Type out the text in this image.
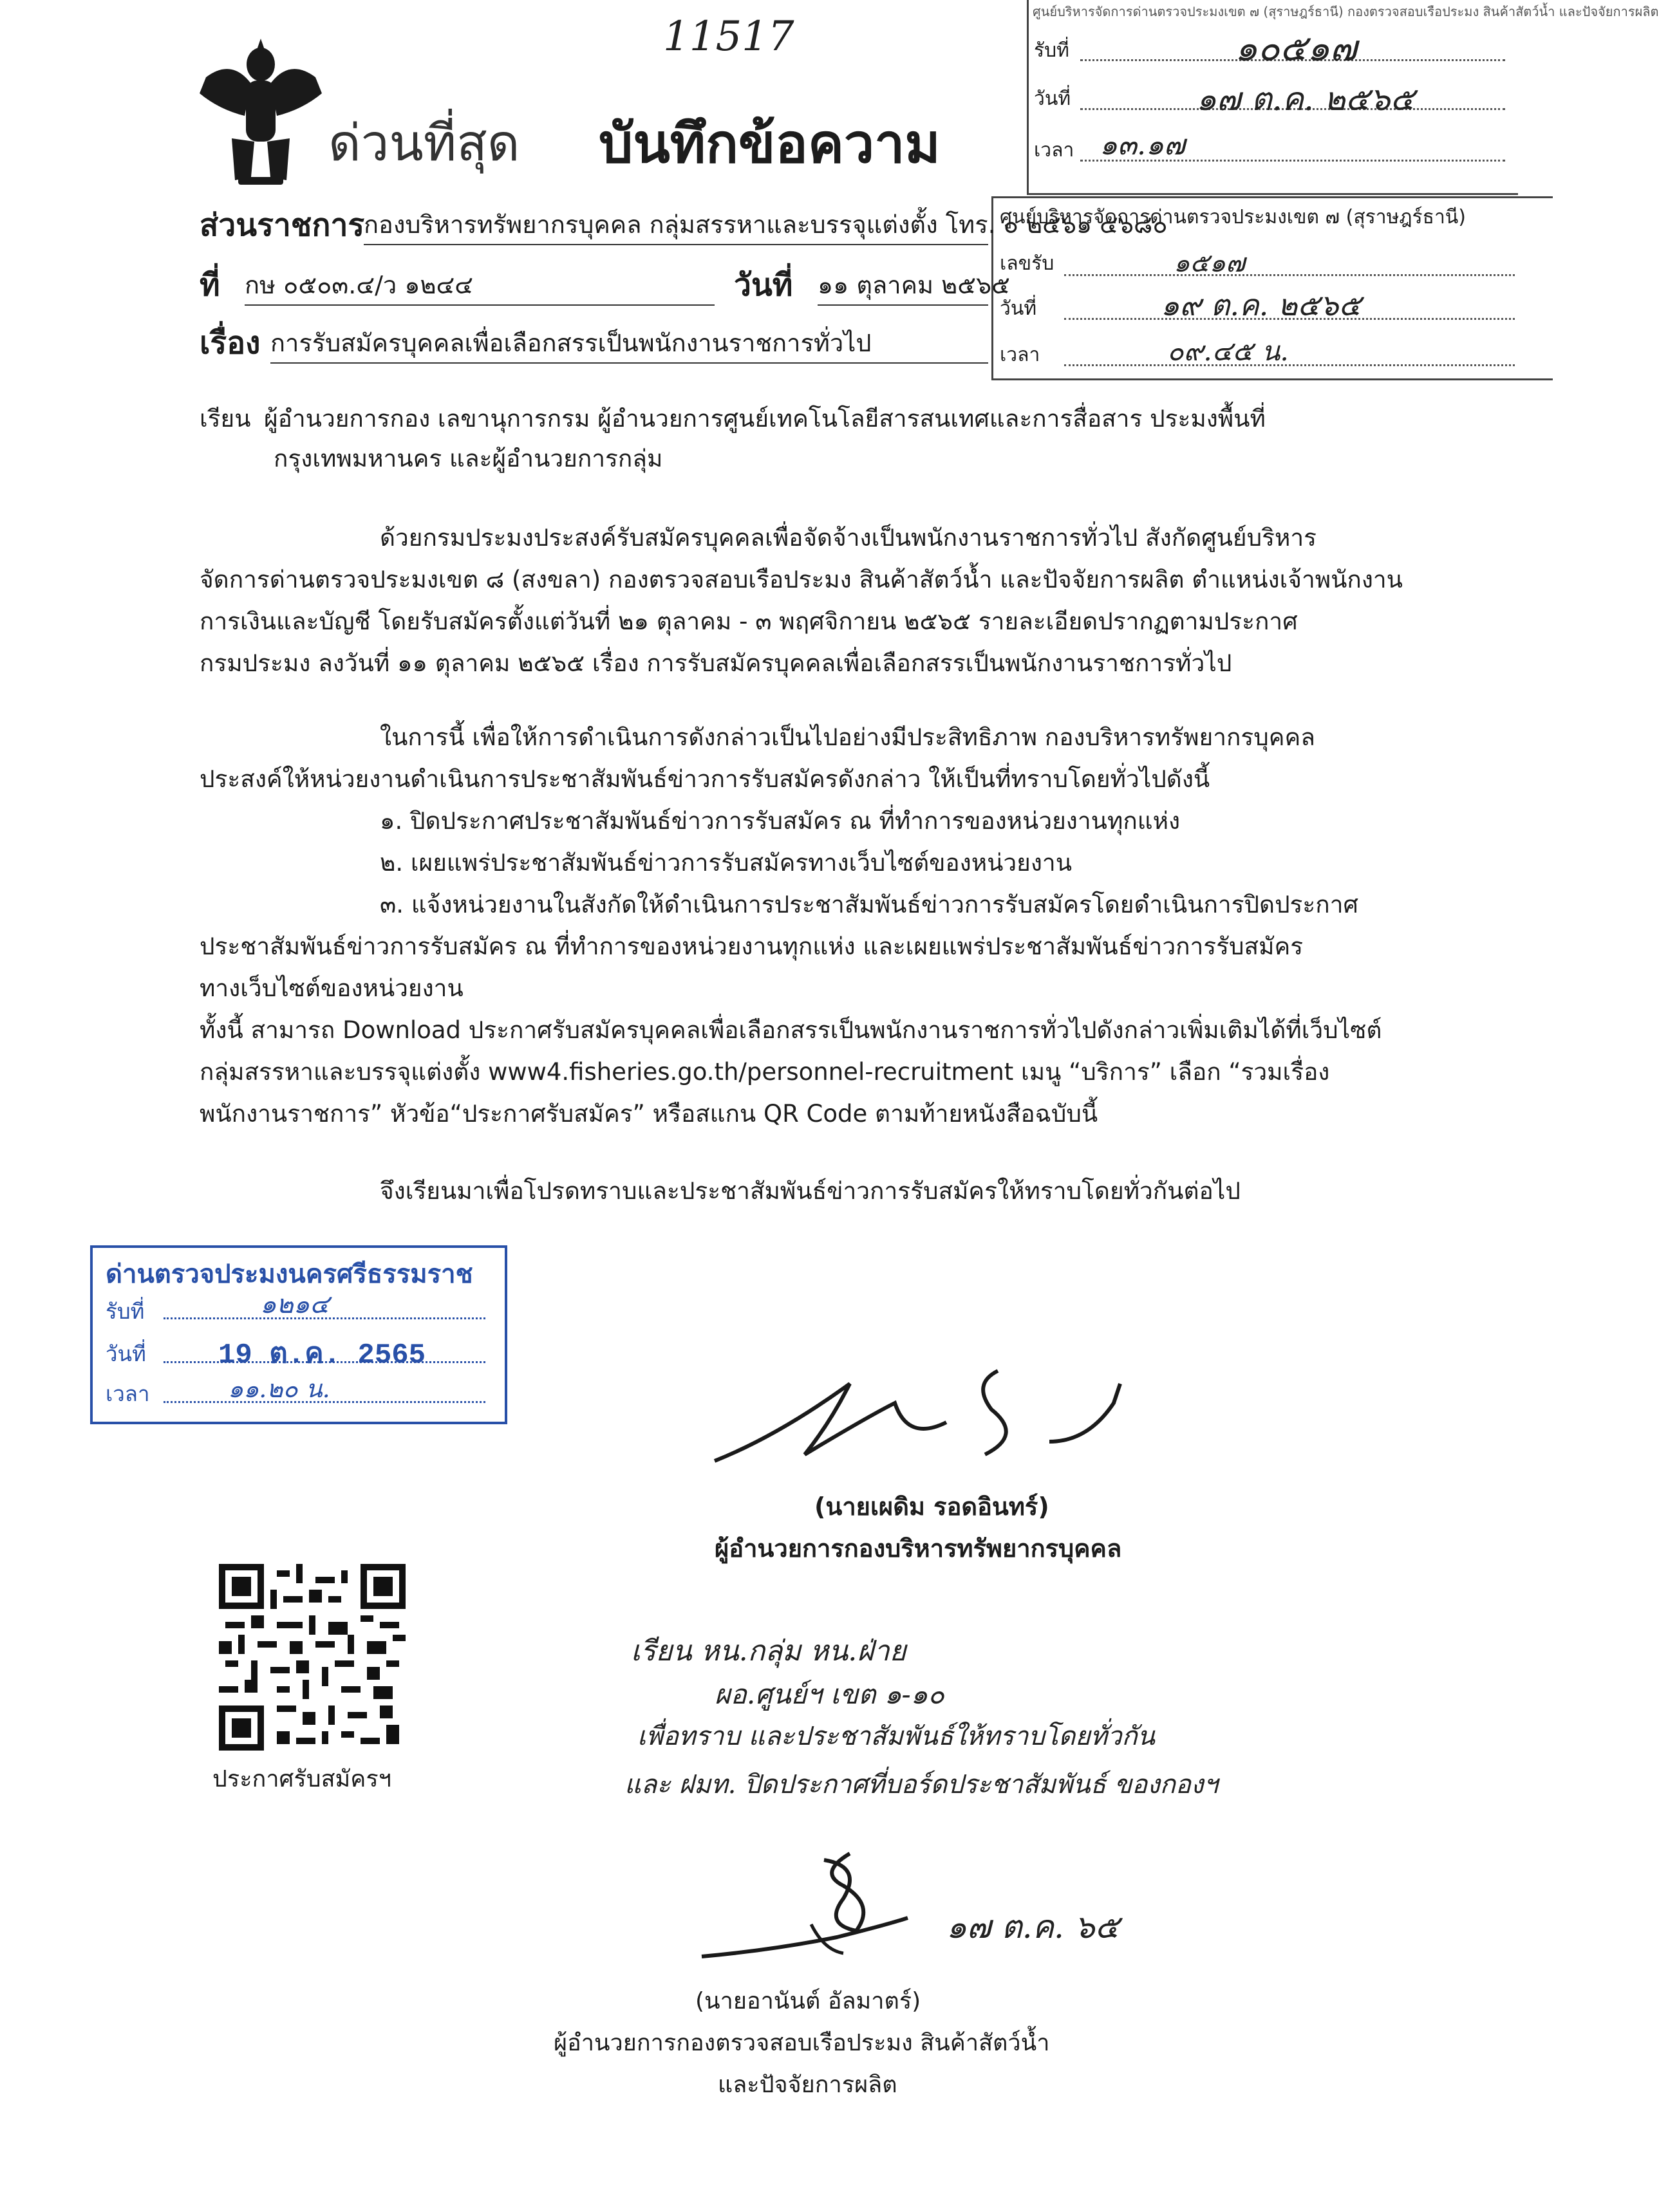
11517
ด่วนที่สุด บันทึกข้อความ
ศูนย์บริหารจัดการด่านตรวจประมงเขต ๗ (สุราษฎร์ธานี) กองตรวจสอบเรือประมง สินค้าสัตว์น้ำ และปัจจัยการผลิต
รับที่	๑๐๕๑๗
วันที่	๑๗ ต.ค. ๒๕๖๕
เวลา ๑๓.๑๗
ศูนย์บริหารจัดการด่านตรวจประมงเขต ๗ (สุราษฎร์ธานี)
เลขรับ	๑๕๑๗
วันที่	๑๙ ต.ค. ๒๕๖๕
เวลา	๐๙.๔๕ น.
ส่วนราชการ
กองบริหารทรัพยากรบุคคล กลุ่มสรรหาและบรรจุแต่งตั้ง โทร. ๐ ๒๕๖๑ ๔๖๘๐
ที่ กษ ๐๕๐๓.๔/ว ๑๒๔๔	วันที่ ๑๑ ตุลาคม ๒๕๖๕
เรื่อง การรับสมัครบุคคลเพื่อเลือกสรรเป็นพนักงานราชการทั่วไป
เรียน ผู้อำนวยการกอง เลขานุการกรม ผู้อำนวยการศูนย์เทคโนโลยีสารสนเทศและการสื่อสาร ประมงพื้นที่
กรุงเทพมหานคร และผู้อำนวยการกลุ่ม
ด้วยกรมประมงประสงค์รับสมัครบุคคลเพื่อจัดจ้างเป็นพนักงานราชการทั่วไป สังกัดศูนย์บริหาร
จัดการด่านตรวจประมงเขต ๘ (สงขลา) กองตรวจสอบเรือประมง สินค้าสัตว์น้ำ และปัจจัยการผลิต ตำแหน่งเจ้าพนักงาน
การเงินและบัญชี โดยรับสมัครตั้งแต่วันที่ ๒๑ ตุลาคม - ๓ พฤศจิกายน ๒๕๖๕ รายละเอียดปรากฏตามประกาศ
กรมประมง ลงวันที่ ๑๑ ตุลาคม ๒๕๖๕ เรื่อง การรับสมัครบุคคลเพื่อเลือกสรรเป็นพนักงานราชการทั่วไป
ในการนี้ เพื่อให้การดำเนินการดังกล่าวเป็นไปอย่างมีประสิทธิภาพ กองบริหารทรัพยากรบุคคล
ประสงค์ให้หน่วยงานดำเนินการประชาสัมพันธ์ข่าวการรับสมัครดังกล่าว ให้เป็นที่ทราบโดยทั่วไปดังนี้
๑. ปิดประกาศประชาสัมพันธ์ข่าวการรับสมัคร ณ ที่ทำการของหน่วยงานทุกแห่ง
๒. เผยแพร่ประชาสัมพันธ์ข่าวการรับสมัครทางเว็บไซต์ของหน่วยงาน
๓. แจ้งหน่วยงานในสังกัดให้ดำเนินการประชาสัมพันธ์ข่าวการรับสมัครโดยดำเนินการปิดประกาศ
ประชาสัมพันธ์ข่าวการรับสมัคร ณ ที่ทำการของหน่วยงานทุกแห่ง และเผยแพร่ประชาสัมพันธ์ข่าวการรับสมัคร
ทางเว็บไซต์ของหน่วยงาน
ทั้งนี้ สามารถ Download ประกาศรับสมัครบุคคลเพื่อเลือกสรรเป็นพนักงานราชการทั่วไปดังกล่าวเพิ่มเติมได้ที่เว็บไซต์
กลุ่มสรรหาและบรรจุแต่งตั้ง www4.fisheries.go.th/personnel-recruitment เมนู “บริการ” เลือก “รวมเรื่อง
พนักงานราชการ” หัวข้อ“ประกาศรับสมัคร” หรือสแกน QR Code ตามท้ายหนังสือฉบับนี้
จึงเรียนมาเพื่อโปรดทราบและประชาสัมพันธ์ข่าวการรับสมัครให้ทราบโดยทั่วกันต่อไป
ด่านตรวจประมงนครศรีธรรมราช
รับที่	๑๒๑๔
วันที่	19 ต.ค. 2565
เวลา	๑๑.๒๐ น.
(นายเผดิม รอดอินทร์)
ผู้อำนวยการกองบริหารทรัพยากรบุคคล
ประกาศรับสมัครฯ
เรียน หน.กลุ่ม หน.ฝ่าย
ผอ.ศูนย์ฯ เขต ๑-๑๐
เพื่อทราบ และประชาสัมพันธ์ให้ทราบโดยทั่วกัน
และ ฝมท. ปิดประกาศที่บอร์ดประชาสัมพันธ์ ของกองฯ
๑๗ ต.ค. ๖๕
(นายอานันต์ อัลมาตร์)
ผู้อำนวยการกองตรวจสอบเรือประมง สินค้าสัตว์น้ำ
และปัจจัยการผลิต
